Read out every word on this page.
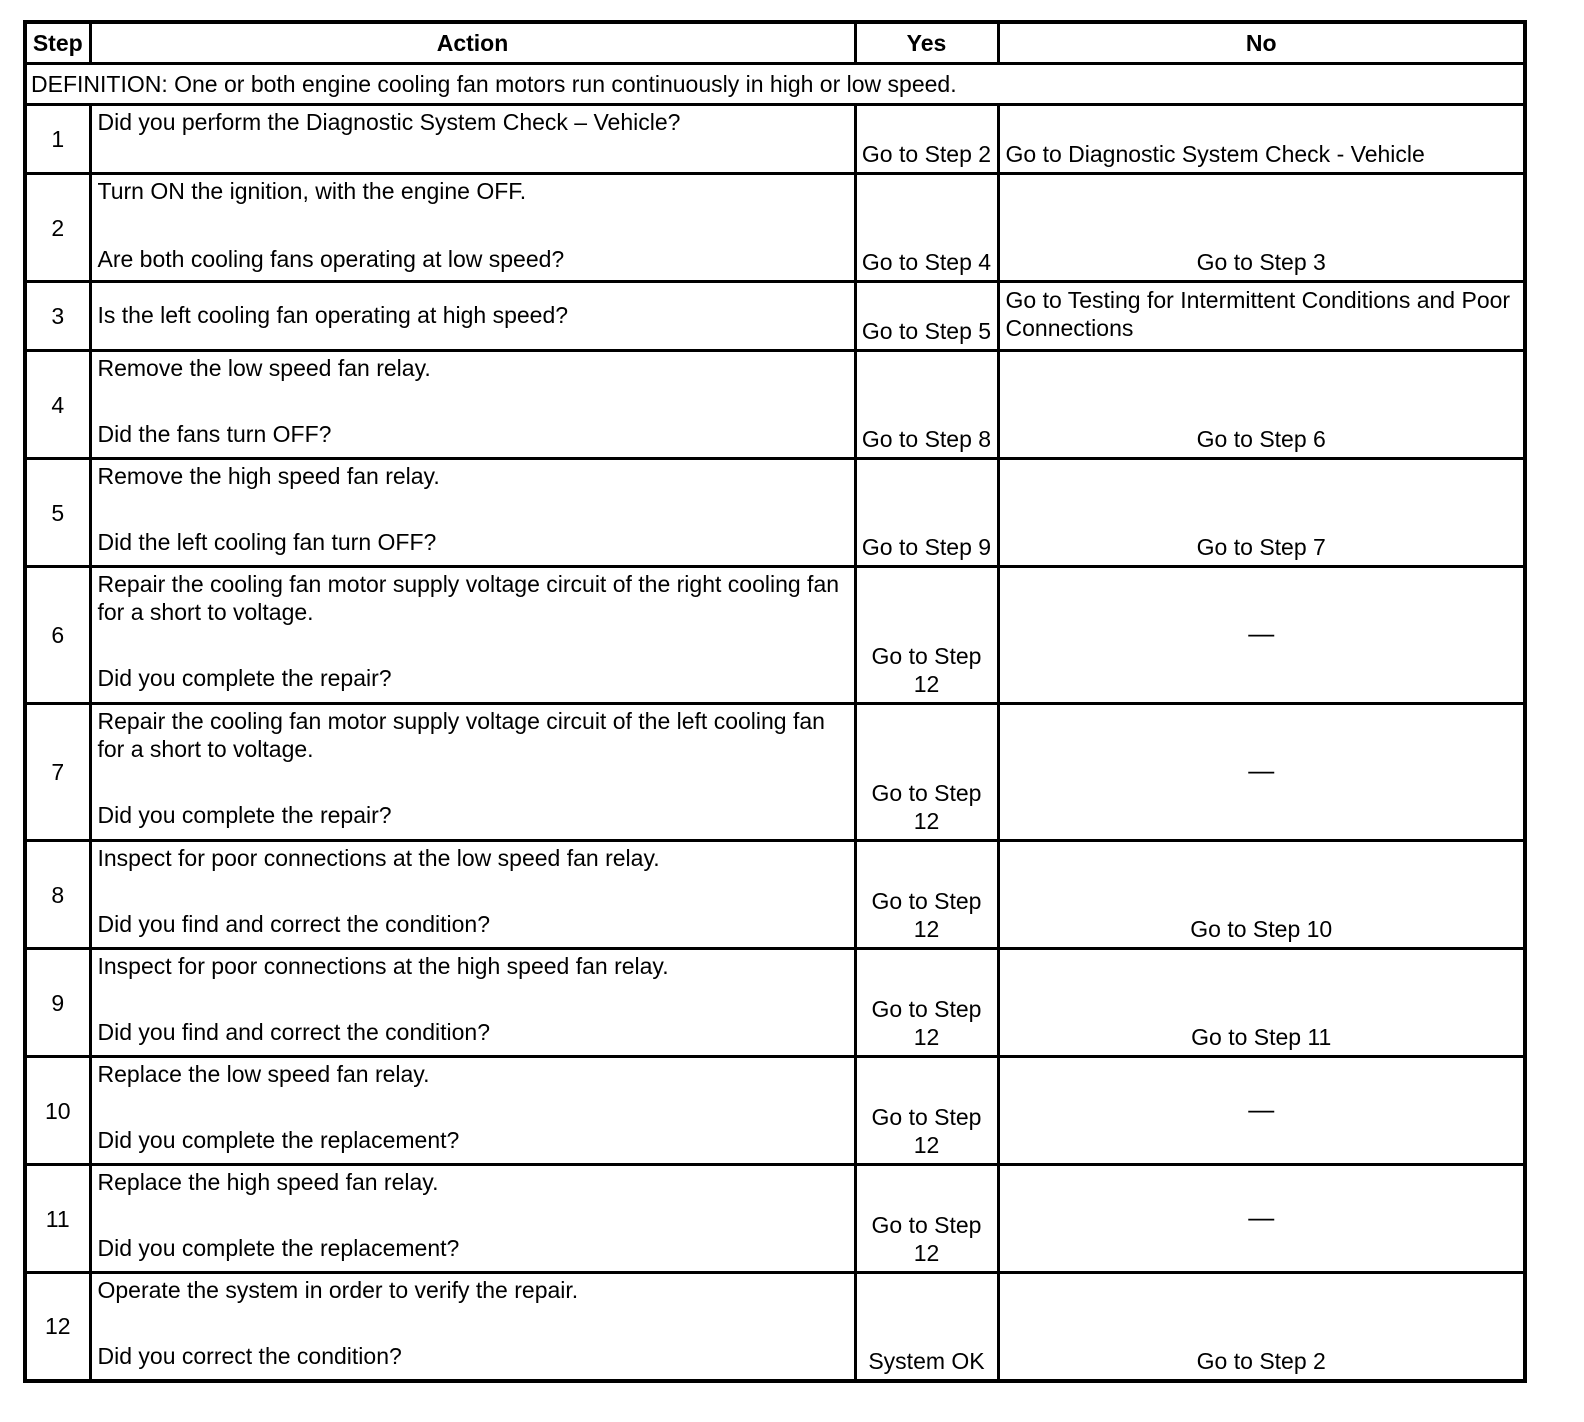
Step	Action	Yes	No
DEFINITION: One or both engine cooling fan motors run continuously in high or low speed.			
1	Did you perform the Diagnostic System Check – Vehicle?	Go to Step 2	Go to Diagnostic System Check - Vehicle
2	Turn ON the ignition, with the engine OFF.
Are both cooling fans operating at low speed?	Go to Step 4	Go to Step 3
3	Is the left cooling fan operating at high speed?	Go to Step 5	Go to Testing for Intermittent Conditions and Poor Connections
4	Remove the low speed fan relay.
Did the fans turn OFF?	Go to Step 8	Go to Step 6
5	Remove the high speed fan relay.
Did the left cooling fan turn OFF?	Go to Step 9	Go to Step 7
6	Repair the cooling fan motor supply voltage circuit of the right cooling fan for a short to voltage.
Did you complete the repair?	Go to Step 12	—
7	Repair the cooling fan motor supply voltage circuit of the left cooling fan for a short to voltage.
Did you complete the repair?	Go to Step 12	—
8	Inspect for poor connections at the low speed fan relay.
Did you find and correct the condition?	Go to Step 12	Go to Step 10
9	Inspect for poor connections at the high speed fan relay.
Did you find and correct the condition?	Go to Step 12	Go to Step 11
10	Replace the low speed fan relay.
Did you complete the replacement?	Go to Step 12	—
11	Replace the high speed fan relay.
Did you complete the replacement?	Go to Step 12	—
12	Operate the system in order to verify the repair.
Did you correct the condition?	System OK	Go to Step 2
